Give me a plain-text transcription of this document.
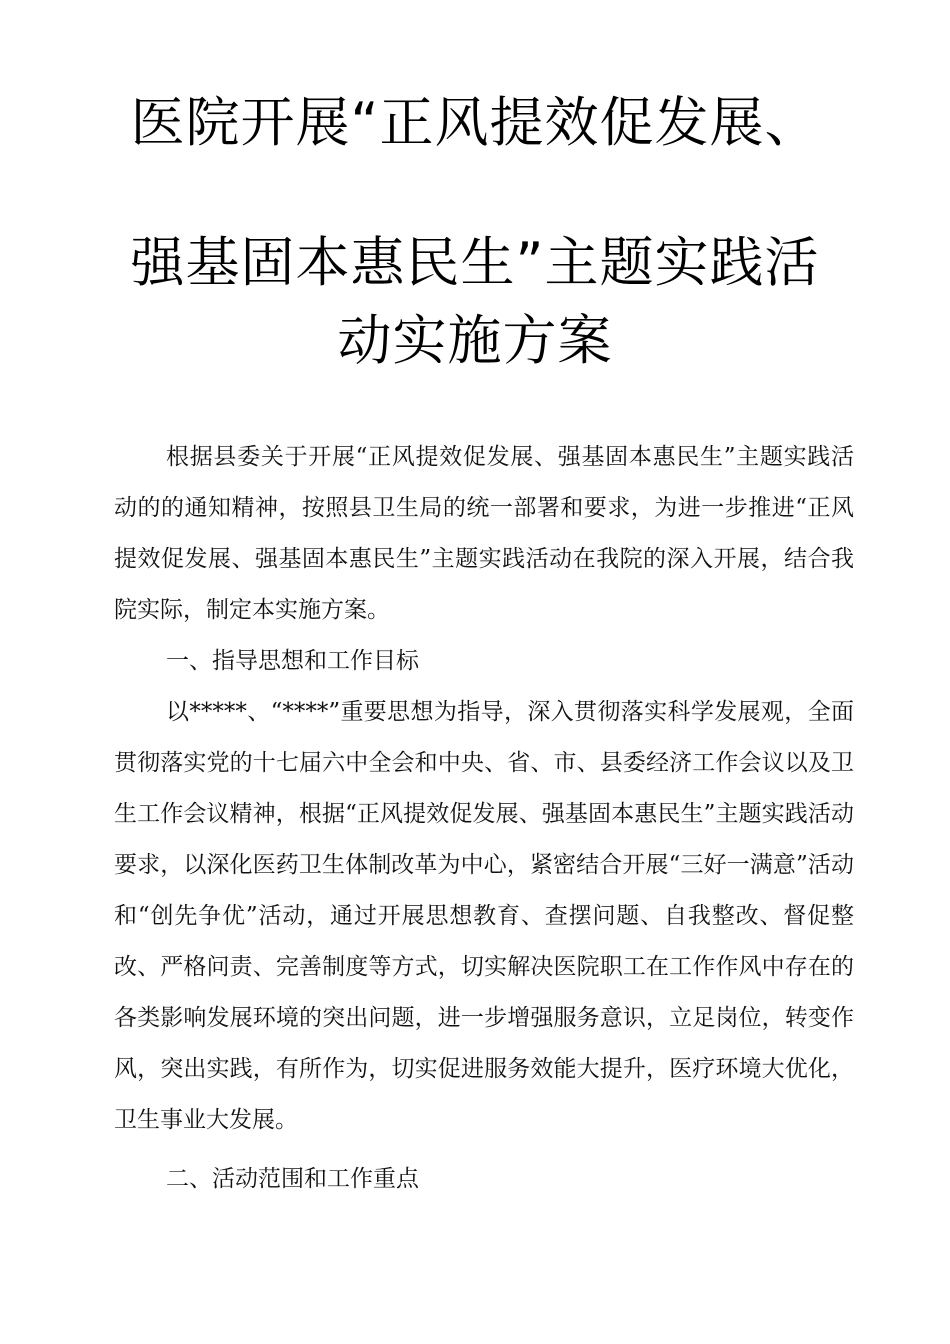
医院开展“正风提效促发展、
强基固本惠民生”主题实践活
动实施方案

根据县委关于开展“正风提效促发展、强基固本惠民生”主题实践活动的的通知精神，按照县卫生局的统一部署和要求，为进一步推进“正风提效促发展、强基固本惠民生”主题实践活动在我院的深入开展，结合我院实际，制定本实施方案。

一、指导思想和工作目标

以*****、“****”重要思想为指导，深入贯彻落实科学发展观，全面贯彻落实党的十七届六中全会和中央、省、市、县委经济工作会议以及卫生工作会议精神，根据“正风提效促发展、强基固本惠民生”主题实践活动要求，以深化医药卫生体制改革为中心，紧密结合开展“三好一满意”活动和“创先争优”活动，通过开展思想教育、查摆问题、自我整改、督促整改、严格问责、完善制度等方式，切实解决医院职工在工作作风中存在的各类影响发展环境的突出问题，进一步增强服务意识，立足岗位，转变作风，突出实践，有所作为，切实促进服务效能大提升，医疗环境大优化，卫生事业大发展。

二、活动范围和工作重点
